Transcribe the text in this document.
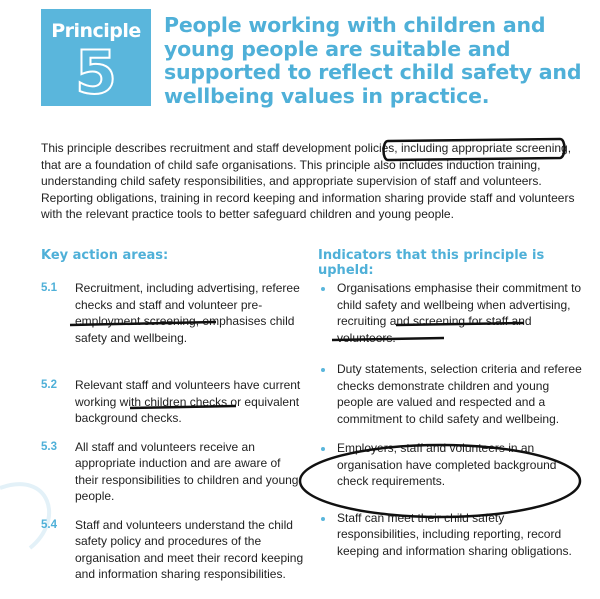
Principle
5
People working with children and young people are suitable and supported to reflect child safety and wellbeing values in practice.

This principle describes recruitment and staff development policies, including appropriate screening, that are a foundation of child safe organisations. This principle also includes induction training, understanding child safety responsibilities, and appropriate supervision of staff and volunteers. Reporting obligations, training in record keeping and information sharing provide staff and volunteers with the relevant practice tools to better safeguard children and young people.

Key action areas:	Indicators that this principle is upheld:
5.1 Recruitment, including advertising, referee checks and staff and volunteer pre-employment screening, emphasises child safety and wellbeing.
5.2 Relevant staff and volunteers have current working with children checks or equivalent background checks.
5.3 All staff and volunteers receive an appropriate induction and are aware of their responsibilities to children and young people.
5.4 Staff and volunteers understand the child safety policy and procedures of the organisation and meet their record keeping and information sharing responsibilities.
Organisations emphasise their commitment to child safety and wellbeing when advertising, recruiting and screening for staff and volunteers.
Duty statements, selection criteria and referee checks demonstrate children and young people are valued and respected and a commitment to child safety and wellbeing.
Employers, staff and volunteers in an organisation have completed background check requirements.
Staff can meet their child safety responsibilities, including reporting, record keeping and information sharing obligations.
